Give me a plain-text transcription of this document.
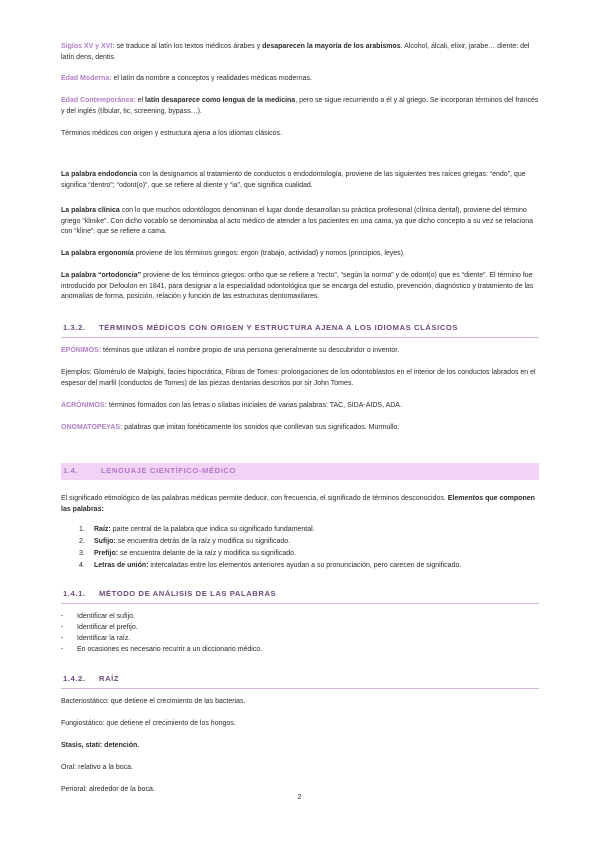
Siglos XV y XVI: se traduce al latín los textos médicos árabes y desaparecen la mayoría de los arabismos. Alcohol, álcali, elixir, jarabe… diente: del latín dens, dentis.

Edad Moderna: el latín da nombre a conceptos y realidades médicas modernas.

Edad Contemporánea: el latín desaparece como lengua de la medicina, pero se sigue recurriendo a él y al griego. Se incorporan términos del francés y del inglés (tíbular, tic, screening, bypass…).

Términos médicos con origen y estructura ajena a los idiomas clásicos.

La palabra endodoncia con la designamos al tratamiento de conductos o endodontología, proviene de las siguientes tres raíces griegas: “endo”, que significa “dentro”; “odont(o)”, que se refiere al diente y “ia”, que significa cualidad.

La palabra clínica con lo que muchos odontólogos denominan el lugar donde desarrollan su práctica profesional (clínica dental), proviene del término griego “klinike”. Con dicho vocablo se denominaba al acto médico de atender a los pacientes en una cama, ya que dicho concepto a su vez se relaciona con “kline”: que se refiere a cama.

La palabra ergonomía proviene de los términos griegos: ergon (trabajo, actividad) y nomos (principios, leyes).

La palabra “ortodoncia” proviene de los términos griegos: ortho que se refiere a “recto”, “según la norma” y de odont(o) que es “diente”. El término fue introducido por Defoulon en 1841, para designar a la especialidad odontológica que se encarga del estudio, prevención, diagnóstico y tratamiento de las anomalías de forma, posición, relación y función de las estructuras dentomaxilares.

1.3.2.	TÉRMINOS MÉDICOS CON ORIGEN Y ESTRUCTURA AJENA A LOS IDIOMAS CLÁSICOS

EPÓNIMOS: términos que utilizan el nombre propio de una persona generalmente su descubridor o inventor.

Ejemplos: Glomérulo de Malpighi, facies hipocrática, Fibras de Tomes: prolongaciones de los odontoblastos en el interior de los conductos labrados en el espesor del marfil (conductos de Tomes) de las piezas dentarias descritos por sir John Tomes.

ACRÓNIMOS: términos formados con las letras o sílabas iniciales de varias palabras: TAC, SIDA-AIDS, ADA.

ONOMATOPEYAS: palabras que imitan fonéticamente los sonidos que conllevan sus significados. Murmullo.

1.4.	LENGUAJE CIENTÍFICO-MÉDICO

El significado etimológico de las palabras médicas permite deducir, con frecuencia, el significado de términos desconocidos. Elementos que componen las palabras:

1. Raíz: parte central de la palabra que indica su significado fundamental.
2. Sufijo: se encuentra detrás de la raíz y modifica su significado.
3. Prefijo: se encuentra delante de la raíz y modifica su significado.
4. Letras de unión: intercaladas entre los elementos anteriores ayudan a su pronunciación, pero carecen de significado.
1.4.1.	MÉTODO DE ANÁLISIS DE LAS PALABRAS
- Identificar el sufijo.
- Identificar el prefijo.
- Identificar la raíz.
- En ocasiones es necesario recurrir a un diccionario médico.
1.4.2.	RAÍZ

Bacteriostático: que detiene el crecimiento de las bacterias.

Fungiostático: que detiene el crecimiento de los hongos.

Stasis, stati: detención.

Oral: relativo a la boca.

Perioral: alrededor de la boca.

2
